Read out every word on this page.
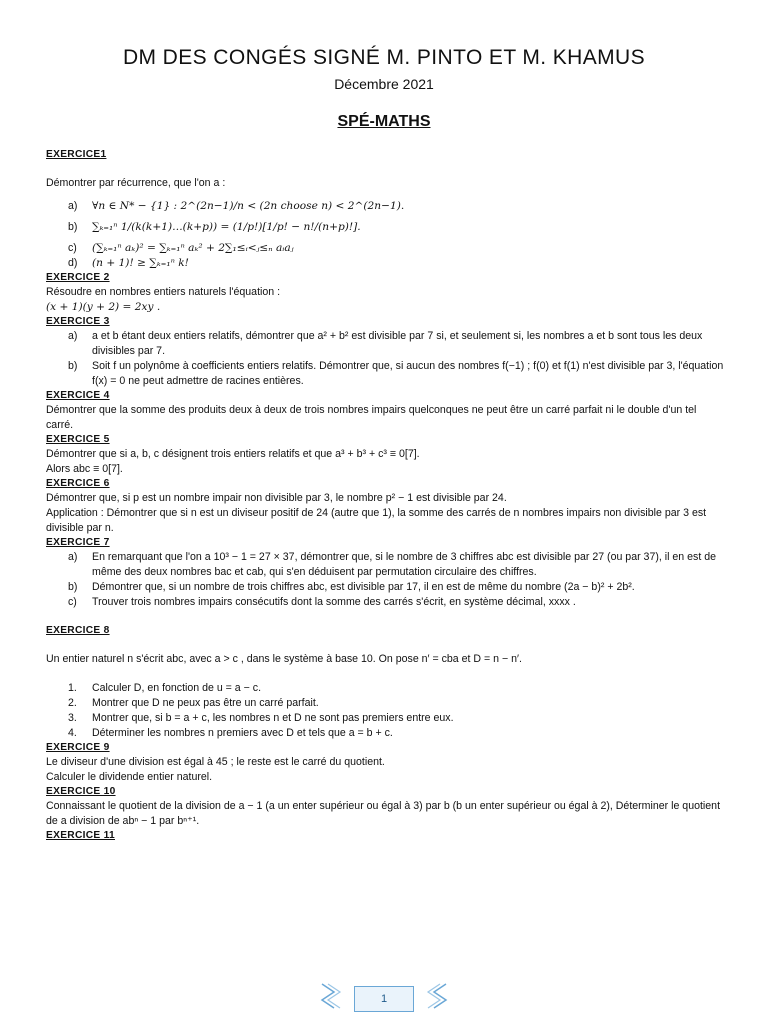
DM DES CONGÉS SIGNÉ M. PINTO ET M. KHAMUS
Décembre 2021
SPÉ-MATHS

EXERCICE1

Démontrer par récurrence, que l'on a :

a) ∀n ∈ N* − {1} : 2^(2n−1)/n < (2n choose n) < 2^(2n−1).

b) ∑ₖ₌₁ⁿ 1/(k(k+1)…(k+p)) = (1/p!)[1/p! − n!/(n+p)!].

c) (∑ₖ₌₁ⁿ aₖ)² = ∑ₖ₌₁ⁿ aₖ² + 2∑₁≤ᵢ<ⱼ≤ₙ aᵢaⱼ

d) (n + 1)! ≥ ∑ₖ₌₁ⁿ k!

EXERCICE 2

Résoudre en nombres entiers naturels l'équation :

(x + 1)(y + 2) = 2xy .

EXERCICE 3

a) a et b étant deux entiers relatifs, démontrer que a² + b² est divisible par 7 si, et seulement si, les nombres a et b sont tous les deux divisibles par 7.

b) Soit f un polynôme à coefficients entiers relatifs. Démontrer que, si aucun des nombres f(−1) ; f(0) et f(1) n'est divisible par 3, l'équation f(x) = 0 ne peut admettre de racines entières.

EXERCICE 4

Démontrer que la somme des produits deux à deux de trois nombres impairs quelconques ne peut être un carré parfait ni le double d'un tel carré.

EXERCICE 5

Démontrer que si a, b, c désignent trois entiers relatifs et que a³ + b³ + c³ ≡ 0[7].

Alors abc ≡ 0[7].

EXERCICE 6

Démontrer que, si p est un nombre impair non divisible par 3, le nombre p² − 1 est divisible par 24.

Application : Démontrer que si n est un diviseur positif de 24 (autre que 1), la somme des carrés de n nombres impairs non divisible par 3 est divisible par n.

EXERCICE 7

a) En remarquant que l'on a 10³ − 1 = 27 × 37, démontrer que, si le nombre de 3 chiffres abc est divisible par 27 (ou par 37), il en est de même des deux nombres bac et cab, qui s'en déduisent par permutation circulaire des chiffres.

b) Démontrer que, si un nombre de trois chiffres abc, est divisible par 17, il en est de même du nombre (2a − b)² + 2b².

c) Trouver trois nombres impairs consécutifs dont la somme des carrés s'écrit, en système décimal, xxxx .

EXERCICE 8

Un entier naturel n s'écrit abc, avec a > c , dans le système à base 10. On pose n′ = cba et D = n − n′.

1. Calculer D, en fonction de u = a − c.

2. Montrer que D ne peux pas être un carré parfait.

3. Montrer que, si b = a + c, les nombres n et D ne sont pas premiers entre eux.

4. Déterminer les nombres n premiers avec D et tels que a = b + c.

EXERCICE 9

Le diviseur d'une division est égal à 45 ; le reste est le carré du quotient.

Calculer le dividende entier naturel.

EXERCICE 10

Connaissant le quotient de la division de a − 1 (a un enter supérieur ou égal à 3) par b (b un enter supérieur ou égal à 2), Déterminer le quotient de a division de abⁿ − 1 par bⁿ⁺¹.

EXERCICE 11

1
